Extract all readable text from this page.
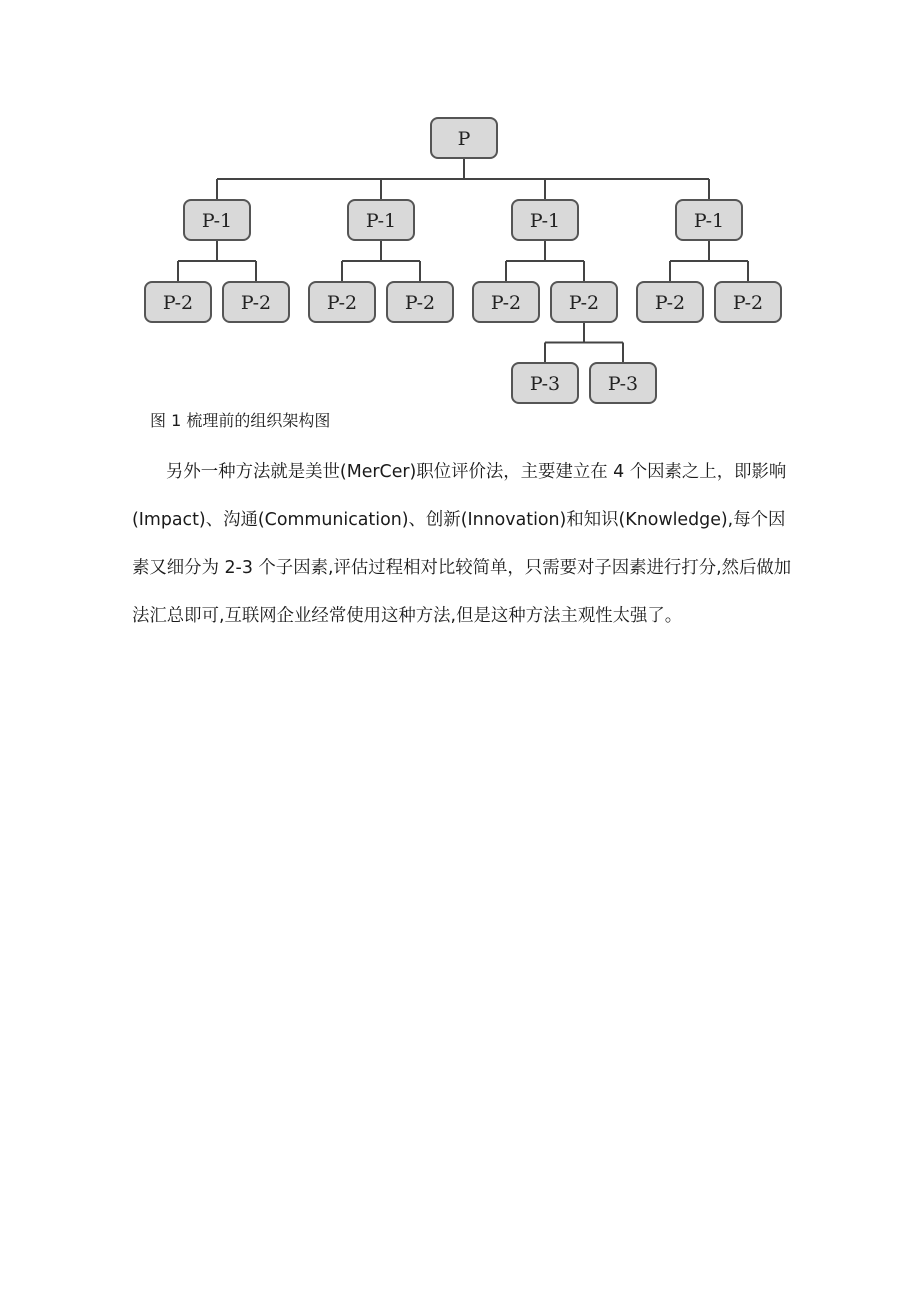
P
P-1
P-2	P-2
P-1
P-2	P-2
P-1
P-2	P-2
P-3	P-3
P-1
P-2	P-2
图 1 梳理前的组织架构图

另外一种方法就是美世(MerCer)职位评价法，主要建立在 4 个因素之上，即影响(Impact)、沟通(Communication)、创新(Innovation)和知识(Knowledge),每个因素又细分为 2-3 个子因素,评估过程相对比较简单，只需要对子因素进行打分,然后做加法汇总即可,互联网企业经常使用这种方法,但是这种方法主观性太强了。
